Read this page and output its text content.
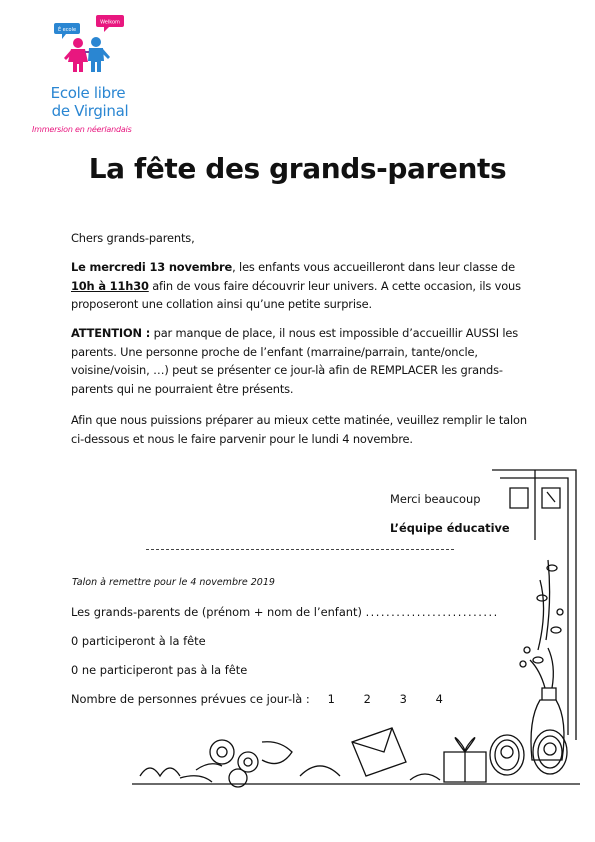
É ecole
Welkom
Ecole libre
de Virginal
Immersion en néerlandais
La fête des grands-parents
Chers grands-parents,
Le mercredi 13 novembre, les enfants vous accueilleront dans leur classe de
10h à 11h30 afin de vous faire découvrir leur univers. A cette occasion, ils vous proposeront une collation ainsi qu’une petite surprise.
ATTENTION : par manque de place, il nous est impossible d’accueillir AUSSI les parents. Une personne proche de l’enfant (marraine/parrain, tante/oncle, voisine/voisin, …) peut se présenter ce jour-là afin de REMPLACER les grands-parents qui ne pourraient être présents.
Afin que nous puissions préparer au mieux cette matinée, veuillez remplir le talon ci-dessous et nous le faire parvenir pour le lundi 4 novembre.
Merci beaucoup
L’équipe éducative
Talon à remettre pour le 4 novembre 2019
Les grands-parents de (prénom + nom de l’enfant) ..........................
0 participeront à la fête
0 ne participeront pas à la fête
Nombre de personnes prévues ce jour-là : 1	2	3	4
